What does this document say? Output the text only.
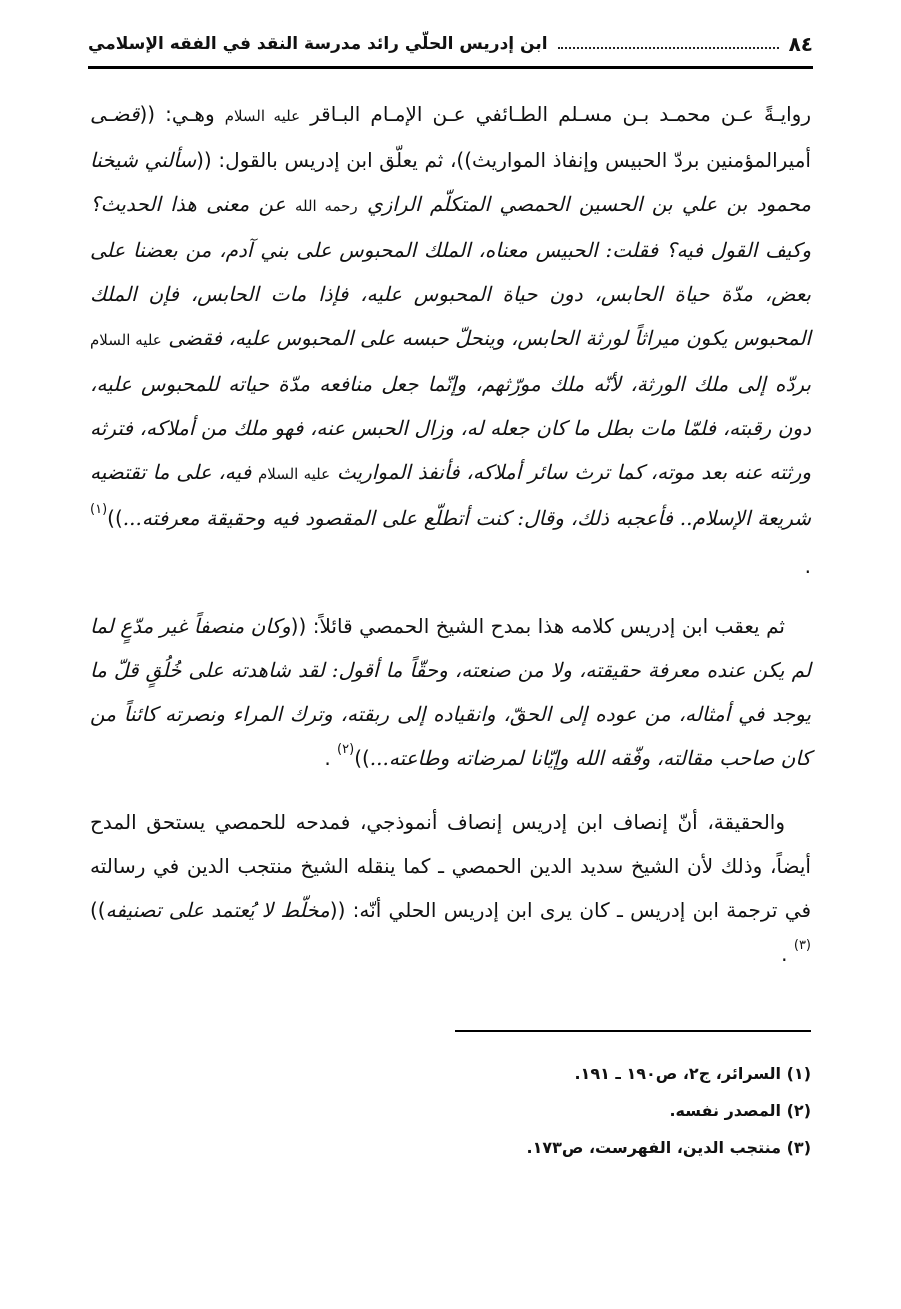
٨٤
ابن إدريس الحلّي رائد مدرسة النقد في الفقه الإسلامي

روايـةً عـن محمـد بـن مسـلم الطـائفي عـن الإمـام البـاقر عليه السلام وهـي: ((قضـى أميرالمؤمنين بردّ الحبيس وإنفاذ المواريث))، ثم يعلّق ابن إدريس بالقول: ((سألني شيخنا محمود بن علي بن الحسين الحمصي المتكلّم الرازي رحمه الله عن معنى هذا الحديث؟ وكيف القول فيه؟ فقلت: الحبيس معناه، الملك المحبوس على بني آدم، من بعضنا على بعض، مدّة حياة الحابس، دون حياة المحبوس عليه، فإذا مات الحابس، فإن الملك المحبوس يكون ميراثاً لورثة الحابس، وينحلّ حبسه على المحبوس عليه، فقضى عليه السلام بردّه إلى ملك الورثة، لأنّه ملك مورّثهم، وإنّما جعل منافعه مدّة حياته للمحبوس عليه، دون رقبته، فلمّا مات بطل ما كان جعله له، وزال الحبس عنه، فهو ملك من أملاكه، فترثه ورثته عنه بعد موته، كما ترث سائر أملاكه، فأنفذ المواريث عليه السلام فيه، على ما تقتضيه شريعة الإسلام.. فأعجبه ذلك، وقال: كنت أتطلّع على المقصود فيه وحقيقة معرفته...))$^{(١)}$ .

ثم يعقب ابن إدريس كلامه هذا بمدح الشيخ الحمصي قائلاً: ((وكان منصفاً غير مدّعٍ لما لم يكن عنده معرفة حقيقته، ولا من صنعته، وحقّاً ما أقول: لقد شاهدته على خُلُقٍ قلّ ما يوجد في أمثاله، من عوده إلى الحقّ، وانقياده إلى ربقته، وترك المراء ونصرته كائناً من كان صاحب مقالته، وفّقه الله وإيّانا لمرضاته وطاعته...))$^{(٢)}$ .

والحقيقة، أنّ إنصاف ابن إدريس إنصاف أنموذجي، فمدحه للحمصي يستحق المدح أيضاً، وذلك لأن الشيخ سديد الدين الحمصي ـ كما ينقله الشيخ منتجب الدين في رسالته في ترجمة ابن إدريس ـ كان يرى ابن إدريس الحلي أنّه: ((مخلّط لا يُعتمد على تصنيفه))$^{(٣)}$ .

(١) السرائر، ج٢، ص١٩٠ ـ ١٩١.

(٢) المصدر نفسه.

(٣) منتجب الدين، الفهرست، ص١٧٣.
